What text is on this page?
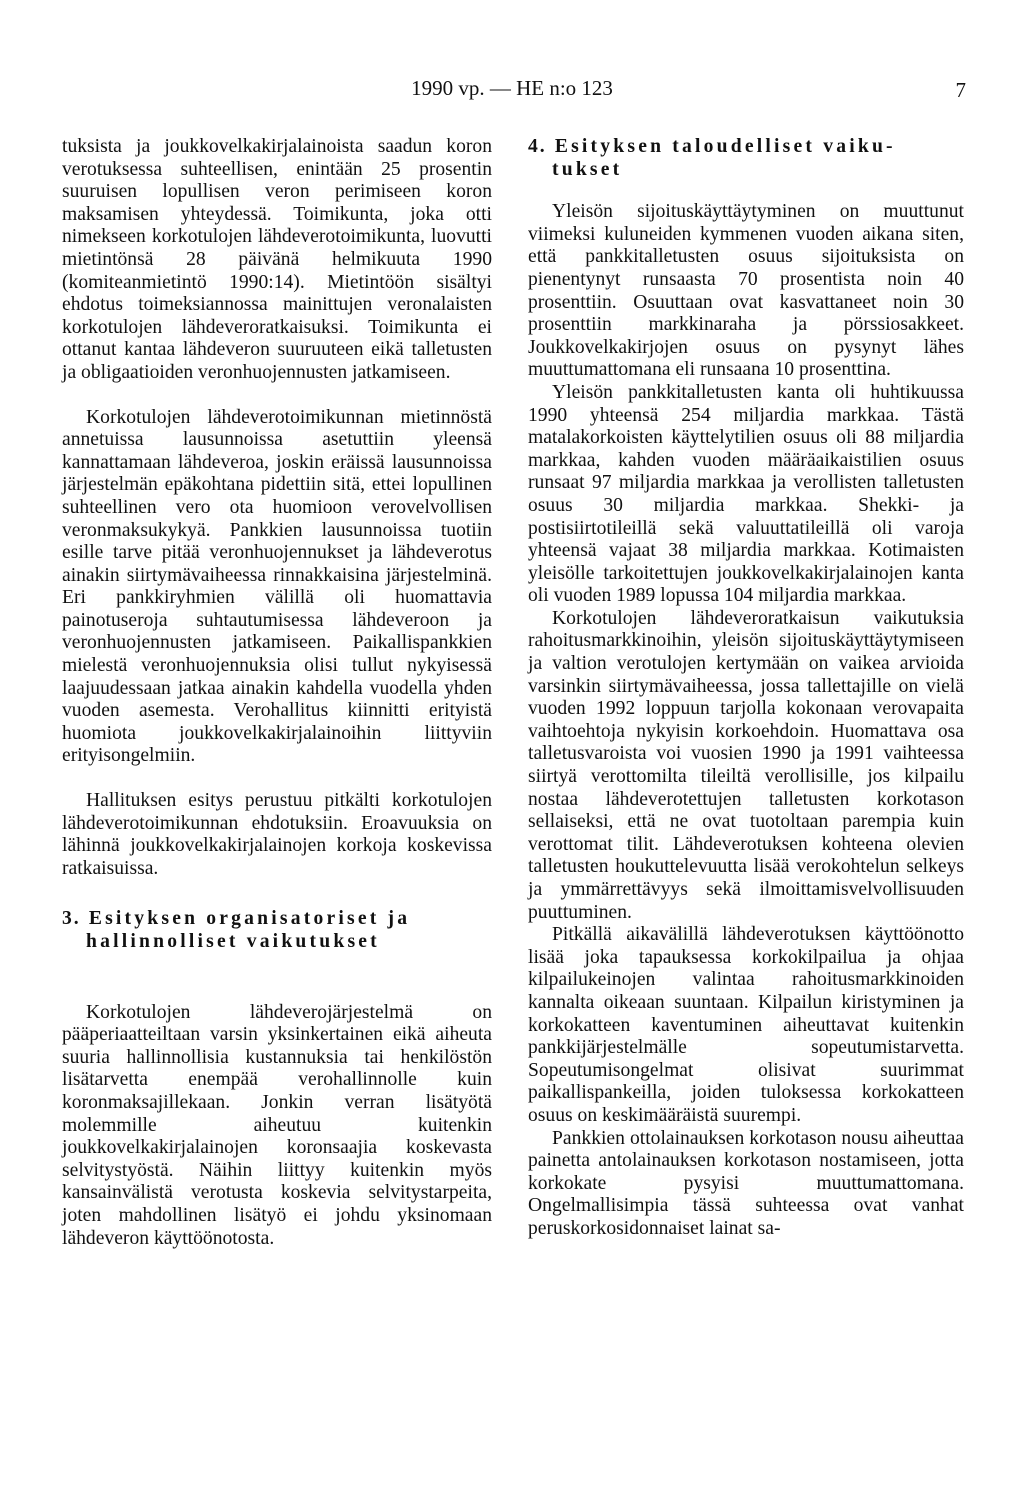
1990 vp. — HE n:o 123	7

tuksista ja joukkovelkakirjalainoista saadun koron verotuksessa suhteellisen, enintään 25 prosentin suuruisen lopullisen veron perimiseen koron maksamisen yhteydessä. Toimikunta, joka otti nimekseen korkotulojen lähdeverotoimikunta, luovutti mietintönsä 28 päivänä helmikuuta 1990 (komiteanmietintö 1990:14). Mietintöön sisältyi ehdotus toimeksiannossa mainittujen veronalaisten korkotulojen lähdeveroratkaisuksi. Toimikunta ei ottanut kantaa lähdeveron suuruuteen eikä talletusten ja obligaatioiden veronhuojennusten jatkamiseen.

Korkotulojen lähdeverotoimikunnan mietinnöstä annetuissa lausunnoissa asetuttiin yleensä kannattamaan lähdeveroa, joskin eräissä lausunnoissa järjestelmän epäkohtana pidettiin sitä, ettei lopullinen suhteellinen vero ota huomioon verovelvollisen veronmaksukykyä. Pankkien lausunnoissa tuotiin esille tarve pitää veronhuojennukset ja lähdeverotus ainakin siirtymävaiheessa rinnakkaisina järjestelminä. Eri pankkiryhmien välillä oli huomattavia painotuseroja suhtautumisessa lähdeveroon ja veronhuojennusten jatkamiseen. Paikallispankkien mielestä veronhuojennuksia olisi tullut nykyisessä laajuudessaan jatkaa ainakin kahdella vuodella yhden vuoden asemesta. Verohallitus kiinnitti erityistä huomiota joukkovelkakirjalainoihin liittyviin erityisongelmiin.

Hallituksen esitys perustuu pitkälti korkotulojen lähdeverotoimikunnan ehdotuksiin. Eroavuuksia on lähinnä joukkovelkakirjalainojen korkoja koskevissa ratkaisuissa.

3. Esityksen organisatoriset ja

hallinnolliset vaikutukset

Korkotulojen lähdeverojärjestelmä on pääperiaatteiltaan varsin yksinkertainen eikä aiheuta suuria hallinnollisia kustannuksia tai henkilöstön lisätarvetta enempää verohallinnolle kuin koronmaksajillekaan. Jonkin verran lisätyötä molemmille aiheutuu kuitenkin joukkovelkakirjalainojen koronsaajia koskevasta selvitystyöstä. Näihin liittyy kuitenkin myös kansainvälistä verotusta koskevia selvitystarpeita, joten mahdollinen lisätyö ei johdu yksinomaan lähdeveron käyttöönotosta.

4. Esityksen taloudelliset vaiku-

tukset

Yleisön sijoituskäyttäytyminen on muuttunut viimeksi kuluneiden kymmenen vuoden aikana siten, että pankkitalletusten osuus sijoituksista on pienentynyt runsaasta 70 prosentista noin 40 prosenttiin. Osuuttaan ovat kasvattaneet noin 30 prosenttiin markkinaraha ja pörssiosakkeet. Joukkovelkakirjojen osuus on pysynyt lähes muuttumattomana eli runsaana 10 prosenttina.

Yleisön pankkitalletusten kanta oli huhtikuussa 1990 yhteensä 254 miljardia markkaa. Tästä matalakorkoisten käyttelytilien osuus oli 88 miljardia markkaa, kahden vuoden määräaikaistilien osuus runsaat 97 miljardia markkaa ja verollisten talletusten osuus 30 miljardia markkaa. Shekki- ja postisiirtotileillä sekä valuuttatileillä oli varoja yhteensä vajaat 38 miljardia markkaa. Kotimaisten yleisölle tarkoitettujen joukkovelkakirjalainojen kanta oli vuoden 1989 lopussa 104 miljardia markkaa.

Korkotulojen lähdeveroratkaisun vaikutuksia rahoitusmarkkinoihin, yleisön sijoituskäyttäytymiseen ja valtion verotulojen kertymään on vaikea arvioida varsinkin siirtymävaiheessa, jossa tallettajille on vielä vuoden 1992 loppuun tarjolla kokonaan verovapaita vaihtoehtoja nykyisin korkoehdoin. Huomattava osa talletusvaroista voi vuosien 1990 ja 1991 vaihteessa siirtyä verottomilta tileiltä verollisille, jos kilpailu nostaa lähdeverotettujen talletusten korkotason sellaiseksi, että ne ovat tuotoltaan parempia kuin verottomat tilit. Lähdeverotuksen kohteena olevien talletusten houkuttelevuutta lisää verokohtelun selkeys ja ymmärrettävyys sekä ilmoittamisvelvollisuuden puuttuminen.

Pitkällä aikavälillä lähdeverotuksen käyttöönotto lisää joka tapauksessa korkokilpailua ja ohjaa kilpailukeinojen valintaa rahoitusmarkkinoiden kannalta oikeaan suuntaan. Kilpailun kiristyminen ja korkokatteen kaventuminen aiheuttavat kuitenkin pankkijärjestelmälle sopeutumistarvetta. Sopeutumisongelmat olisivat suurimmat paikallispankeilla, joiden tuloksessa korkokatteen osuus on keskimääräistä suurempi.

Pankkien ottolainauksen korkotason nousu aiheuttaa painetta antolainauksen korkotason nostamiseen, jotta korkokate pysyisi muuttumattomana. Ongelmallisimpia tässä suhteessa ovat vanhat peruskorkosidonnaiset lainat sa-
